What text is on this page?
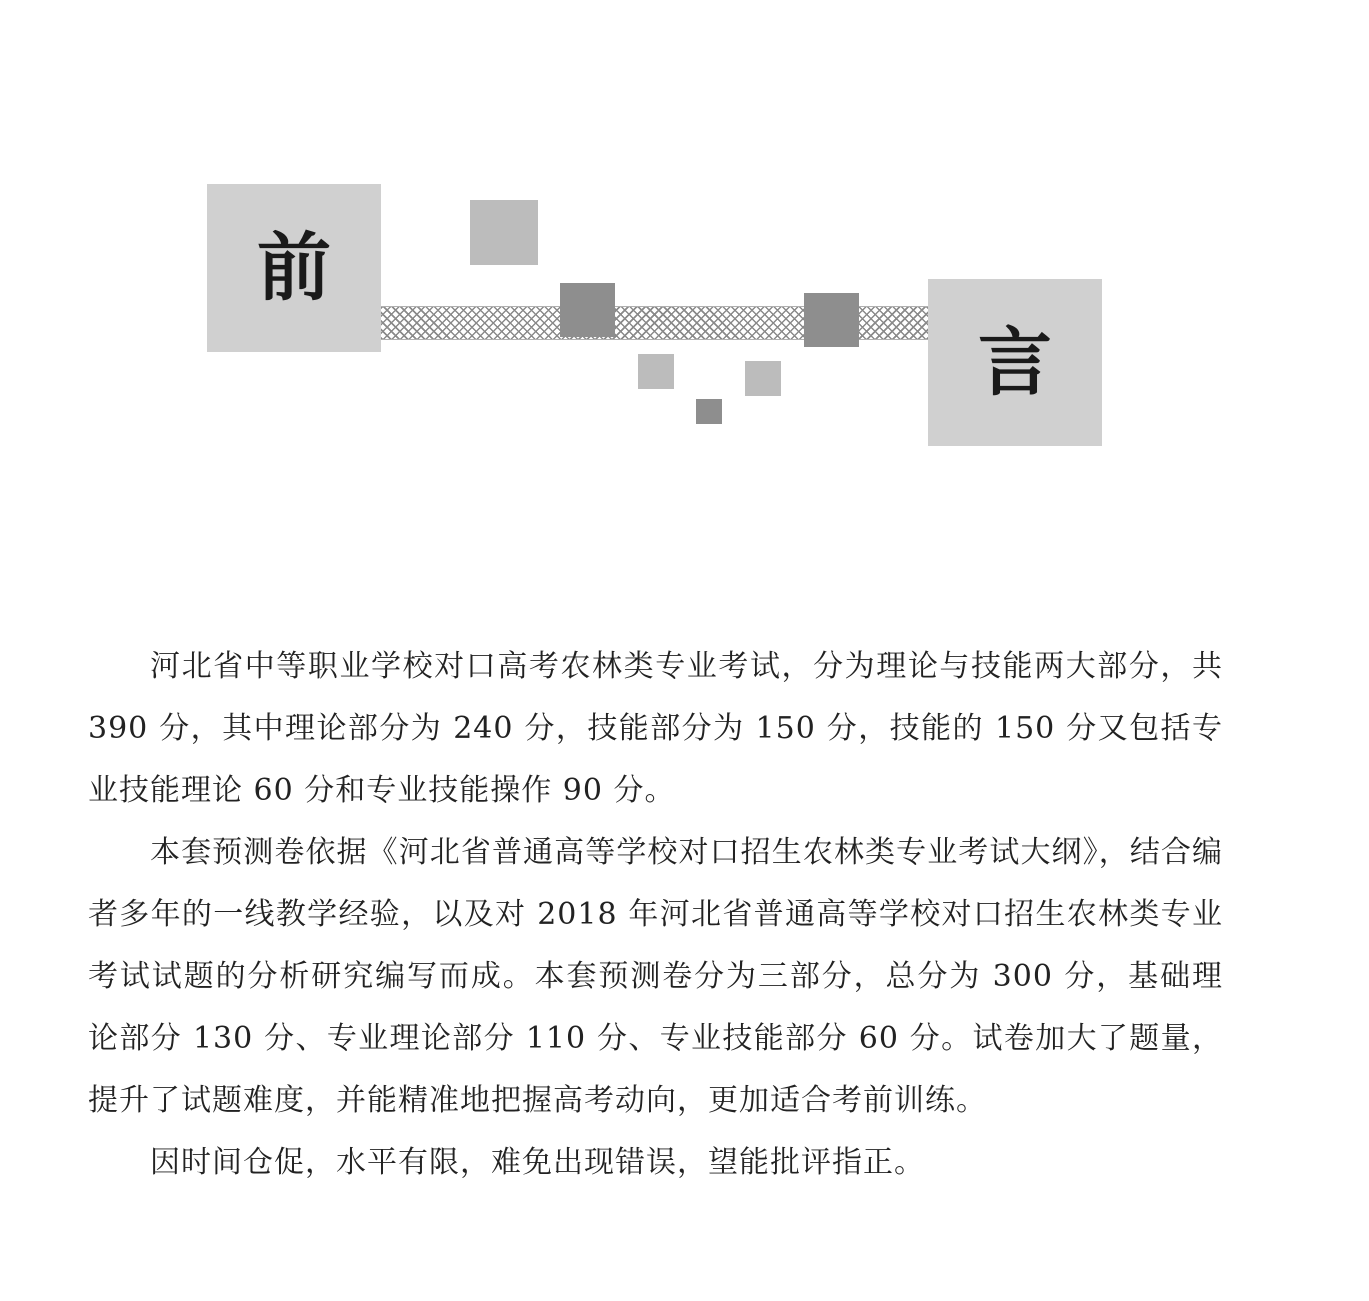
前
言

河北省中等职业学校对口高考农林类专业考试，分为理论与技能两大部分，共 390 分，其中理论部分为 240 分，技能部分为 150 分，技能的 150 分又包括专业技能理论 60 分和专业技能操作 90 分。

本套预测卷依据《河北省普通高等学校对口招生农林类专业考试大纲》，结合编者多年的一线教学经验，以及对 2018 年河北省普通高等学校对口招生农林类专业考试试题的分析研究编写而成。本套预测卷分为三部分，总分为 300 分，基础理论部分 130 分、专业理论部分 110 分、专业技能部分 60 分。试卷加大了题量，提升了试题难度，并能精准地把握高考动向，更加适合考前训练。

因时间仓促，水平有限，难免出现错误，望能批评指正。
